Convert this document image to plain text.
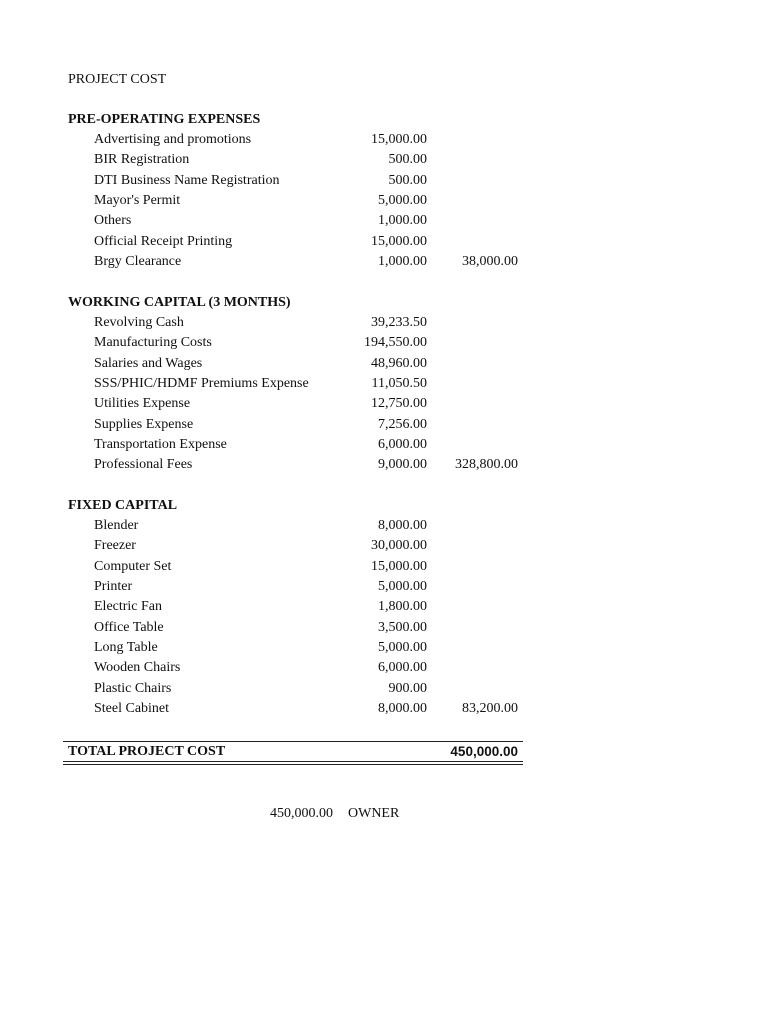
PROJECT COST
PRE-OPERATING EXPENSES
Advertising and promotions	15,000.00
BIR Registration	500.00
DTI Business Name Registration	500.00
Mayor's Permit	5,000.00
Others	1,000.00
Official Receipt Printing	15,000.00
Brgy Clearance	1,000.00	38,000.00
WORKING CAPITAL (3 MONTHS)
Revolving Cash	39,233.50
Manufacturing Costs	194,550.00
Salaries and Wages	48,960.00
SSS/PHIC/HDMF Premiums Expense	11,050.50
Utilities Expense	12,750.00
Supplies Expense	7,256.00
Transportation Expense	6,000.00
Professional Fees	9,000.00 328,800.00
FIXED CAPITAL
Blender	8,000.00
Freezer	30,000.00
Computer Set	15,000.00
Printer	5,000.00
Electric Fan	1,800.00
Office Table	3,500.00
Long Table	5,000.00
Wooden Chairs	6,000.00
Plastic Chairs	900.00
Steel Cabinet	8,000.00	83,200.00
TOTAL PROJECT COST	450,000.00
450,000.00 OWNER
